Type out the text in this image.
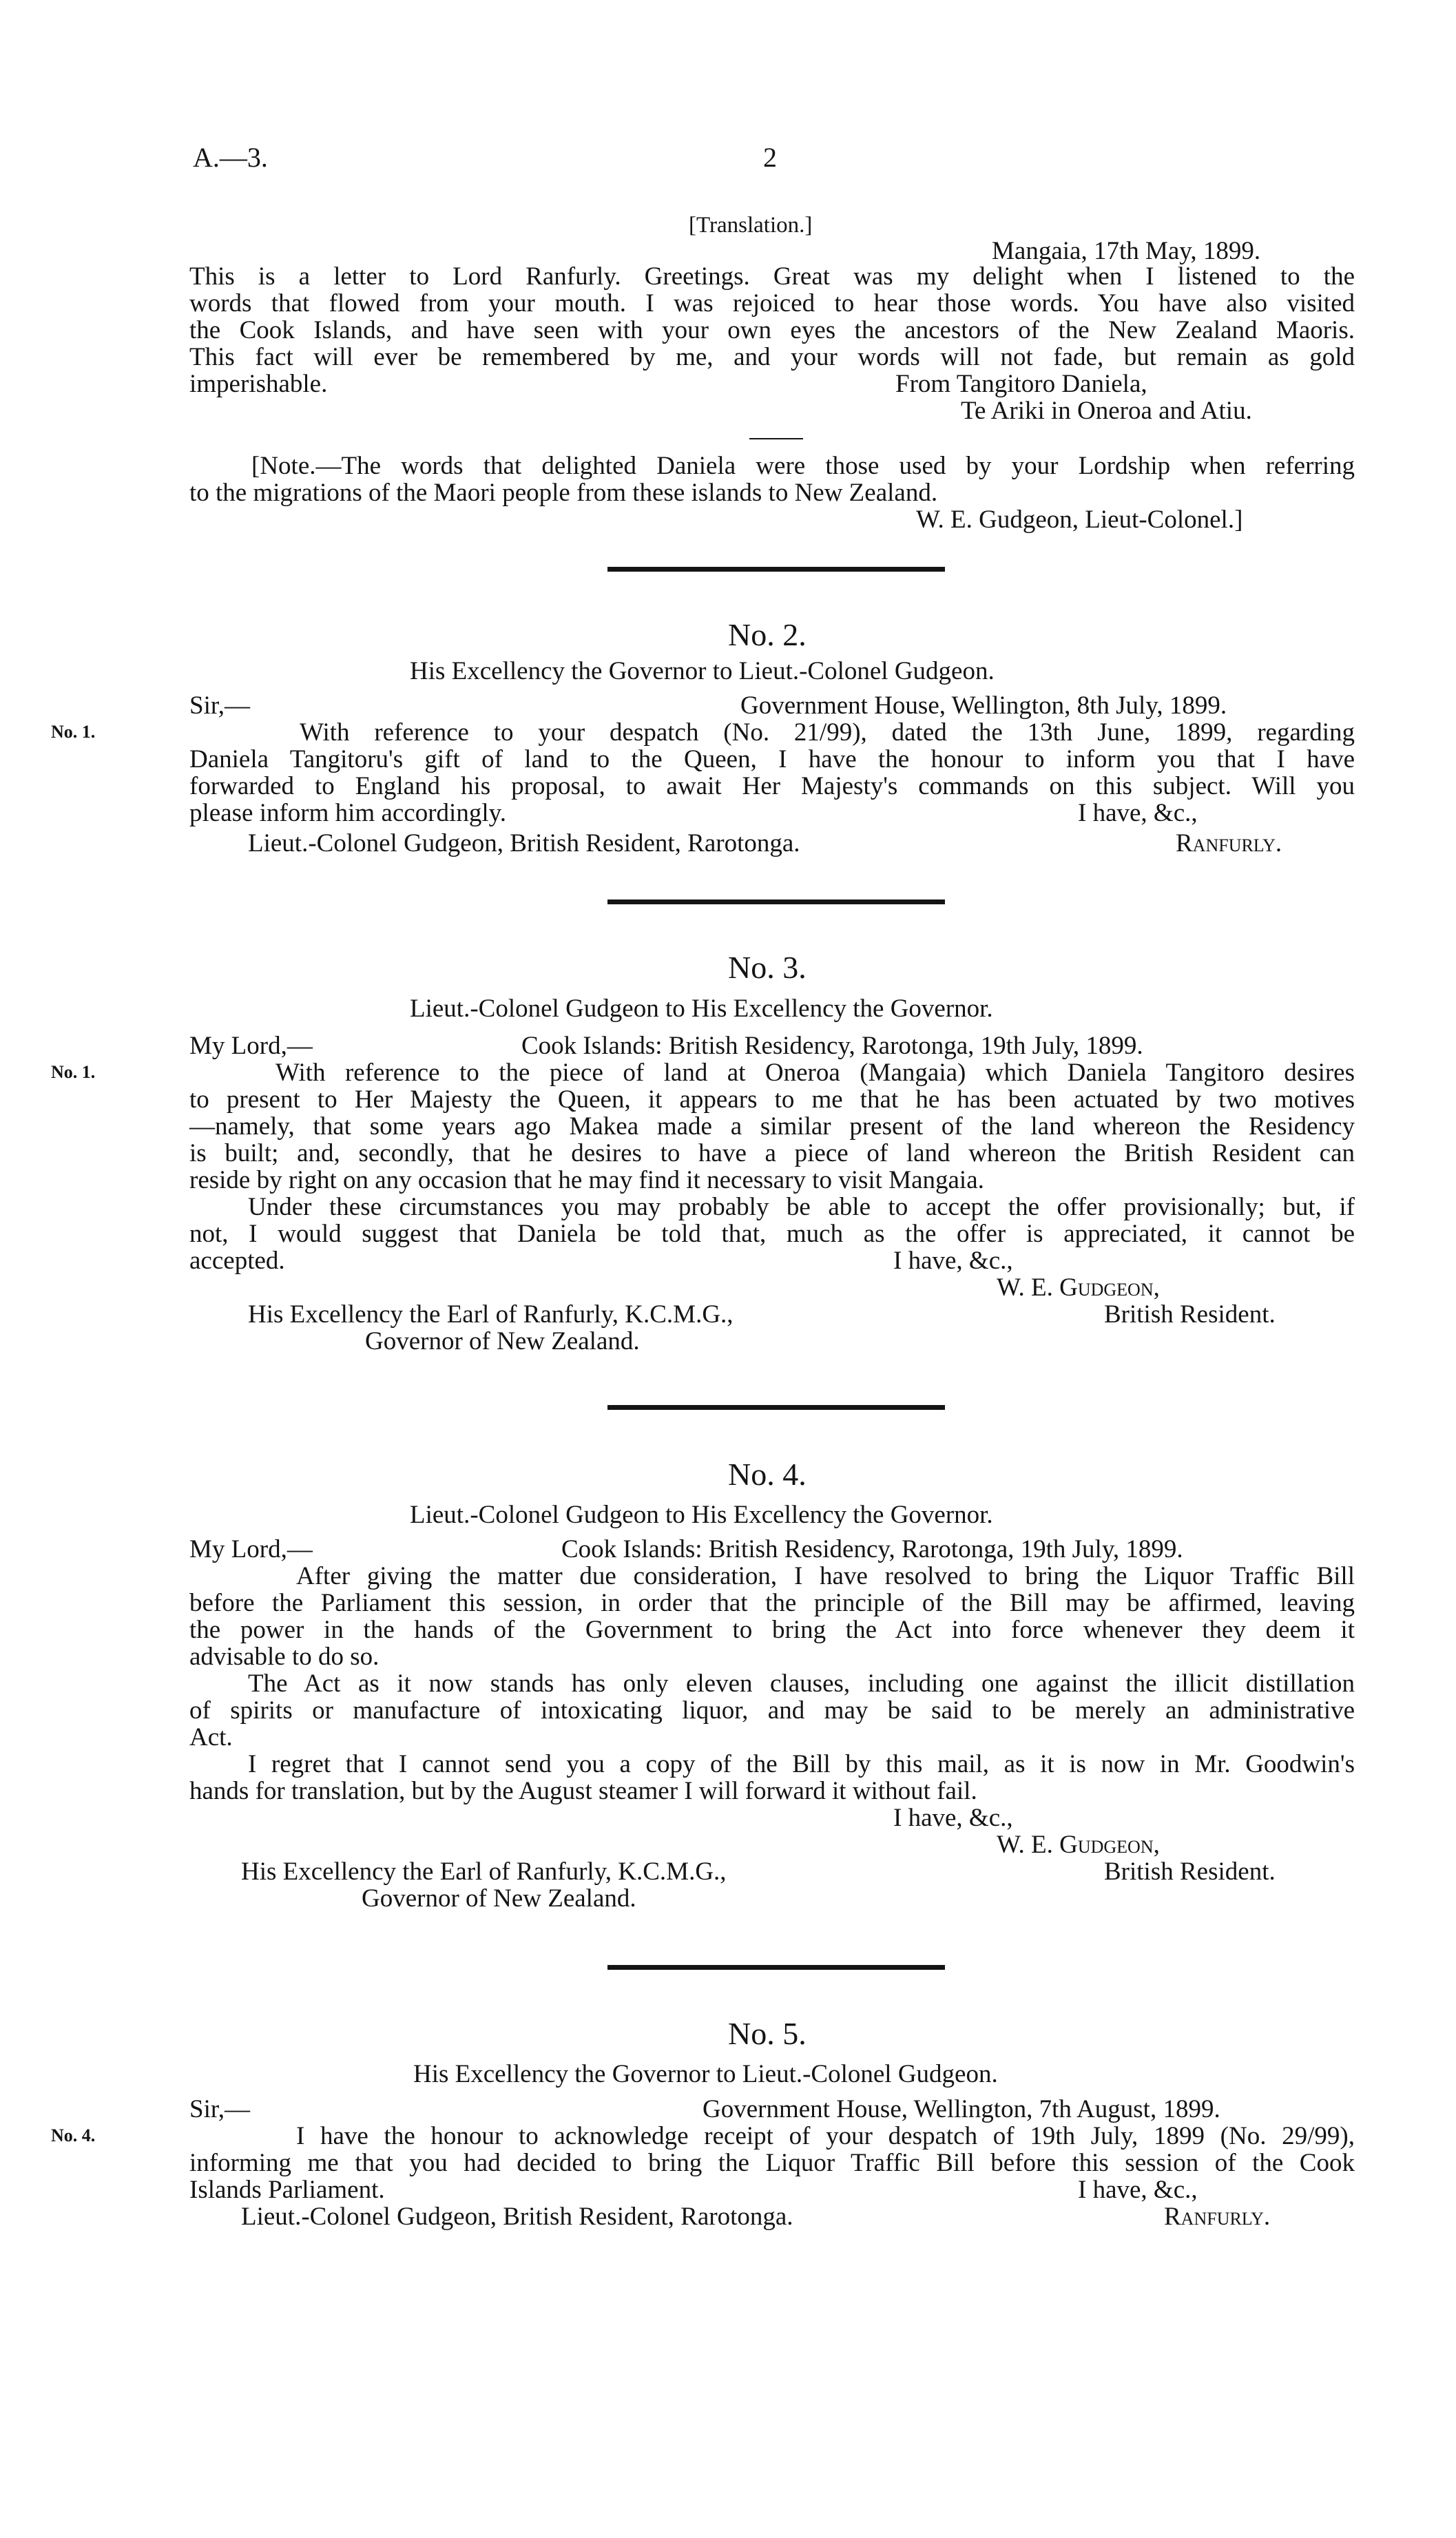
A.—3.	2
[Translation.]
Mangaia, 17th May, 1899.
This is a letter to Lord Ranfurly. Greetings. Great was my delight when I listened to the
words that flowed from your mouth. I was rejoiced to hear those words. You have also visited
the Cook Islands, and have seen with your own eyes the ancestors of the New Zealand Maoris.
This fact will ever be remembered by me, and your words will not fade, but remain as gold
imperishable.	From Tangitoro Daniela,
Te Ariki in Oneroa and Atiu.
[Note.—The words that delighted Daniela were those used by your Lordship when referring
to the migrations of the Maori people from these islands to New Zealand.
W. E. Gudgeon, Lieut-Colonel.]
No. 2.
His Excellency the Governor to Lieut.-Colonel Gudgeon.
Sir,—	Government House, Wellington, 8th July, 1899.
No. 1.	With reference to your despatch (No. 21/99), dated the 13th June, 1899, regarding
Daniela Tangitoru's gift of land to the Queen, I have the honour to inform you that I have
forwarded to England his proposal, to await Her Majesty's commands on this subject. Will you
please inform him accordingly.	I have, &c.,
Lieut.-Colonel Gudgeon, British Resident, Rarotonga.	Ranfurly.
No. 3.
Lieut.-Colonel Gudgeon to His Excellency the Governor.
My Lord,—	Cook Islands: British Residency, Rarotonga, 19th July, 1899.
No. 1.	With reference to the piece of land at Oneroa (Mangaia) which Daniela Tangitoro desires
to present to Her Majesty the Queen, it appears to me that he has been actuated by two motives
—namely, that some years ago Makea made a similar present of the land whereon the Residency
is built; and, secondly, that he desires to have a piece of land whereon the British Resident can
reside by right on any occasion that he may find it necessary to visit Mangaia.
Under these circumstances you may probably be able to accept the offer provisionally; but, if
not, I would suggest that Daniela be told that, much as the offer is appreciated, it cannot be
accepted.	I have, &c.,
W. E. Gudgeon,
His Excellency the Earl of Ranfurly, K.C.M.G.,	British Resident.
Governor of New Zealand.
No. 4.
Lieut.-Colonel Gudgeon to His Excellency the Governor.
My Lord,—	Cook Islands: British Residency, Rarotonga, 19th July, 1899.
After giving the matter due consideration, I have resolved to bring the Liquor Traffic Bill
before the Parliament this session, in order that the principle of the Bill may be affirmed, leaving
the power in the hands of the Government to bring the Act into force whenever they deem it
advisable to do so.
The Act as it now stands has only eleven clauses, including one against the illicit distillation
of spirits or manufacture of intoxicating liquor, and may be said to be merely an administrative
Act.
I regret that I cannot send you a copy of the Bill by this mail, as it is now in Mr. Goodwin's
hands for translation, but by the August steamer I will forward it without fail.
I have, &c.,
W. E. Gudgeon,
His Excellency the Earl of Ranfurly, K.C.M.G.,	British Resident.
Governor of New Zealand.
No. 5.
His Excellency the Governor to Lieut.-Colonel Gudgeon.
Sir,—	Government House, Wellington, 7th August, 1899.
No. 4.	I have the honour to acknowledge receipt of your despatch of 19th July, 1899 (No. 29/99),
informing me that you had decided to bring the Liquor Traffic Bill before this session of the Cook
Islands Parliament.	I have, &c.,
Lieut.-Colonel Gudgeon, British Resident, Rarotonga.	Ranfurly.
